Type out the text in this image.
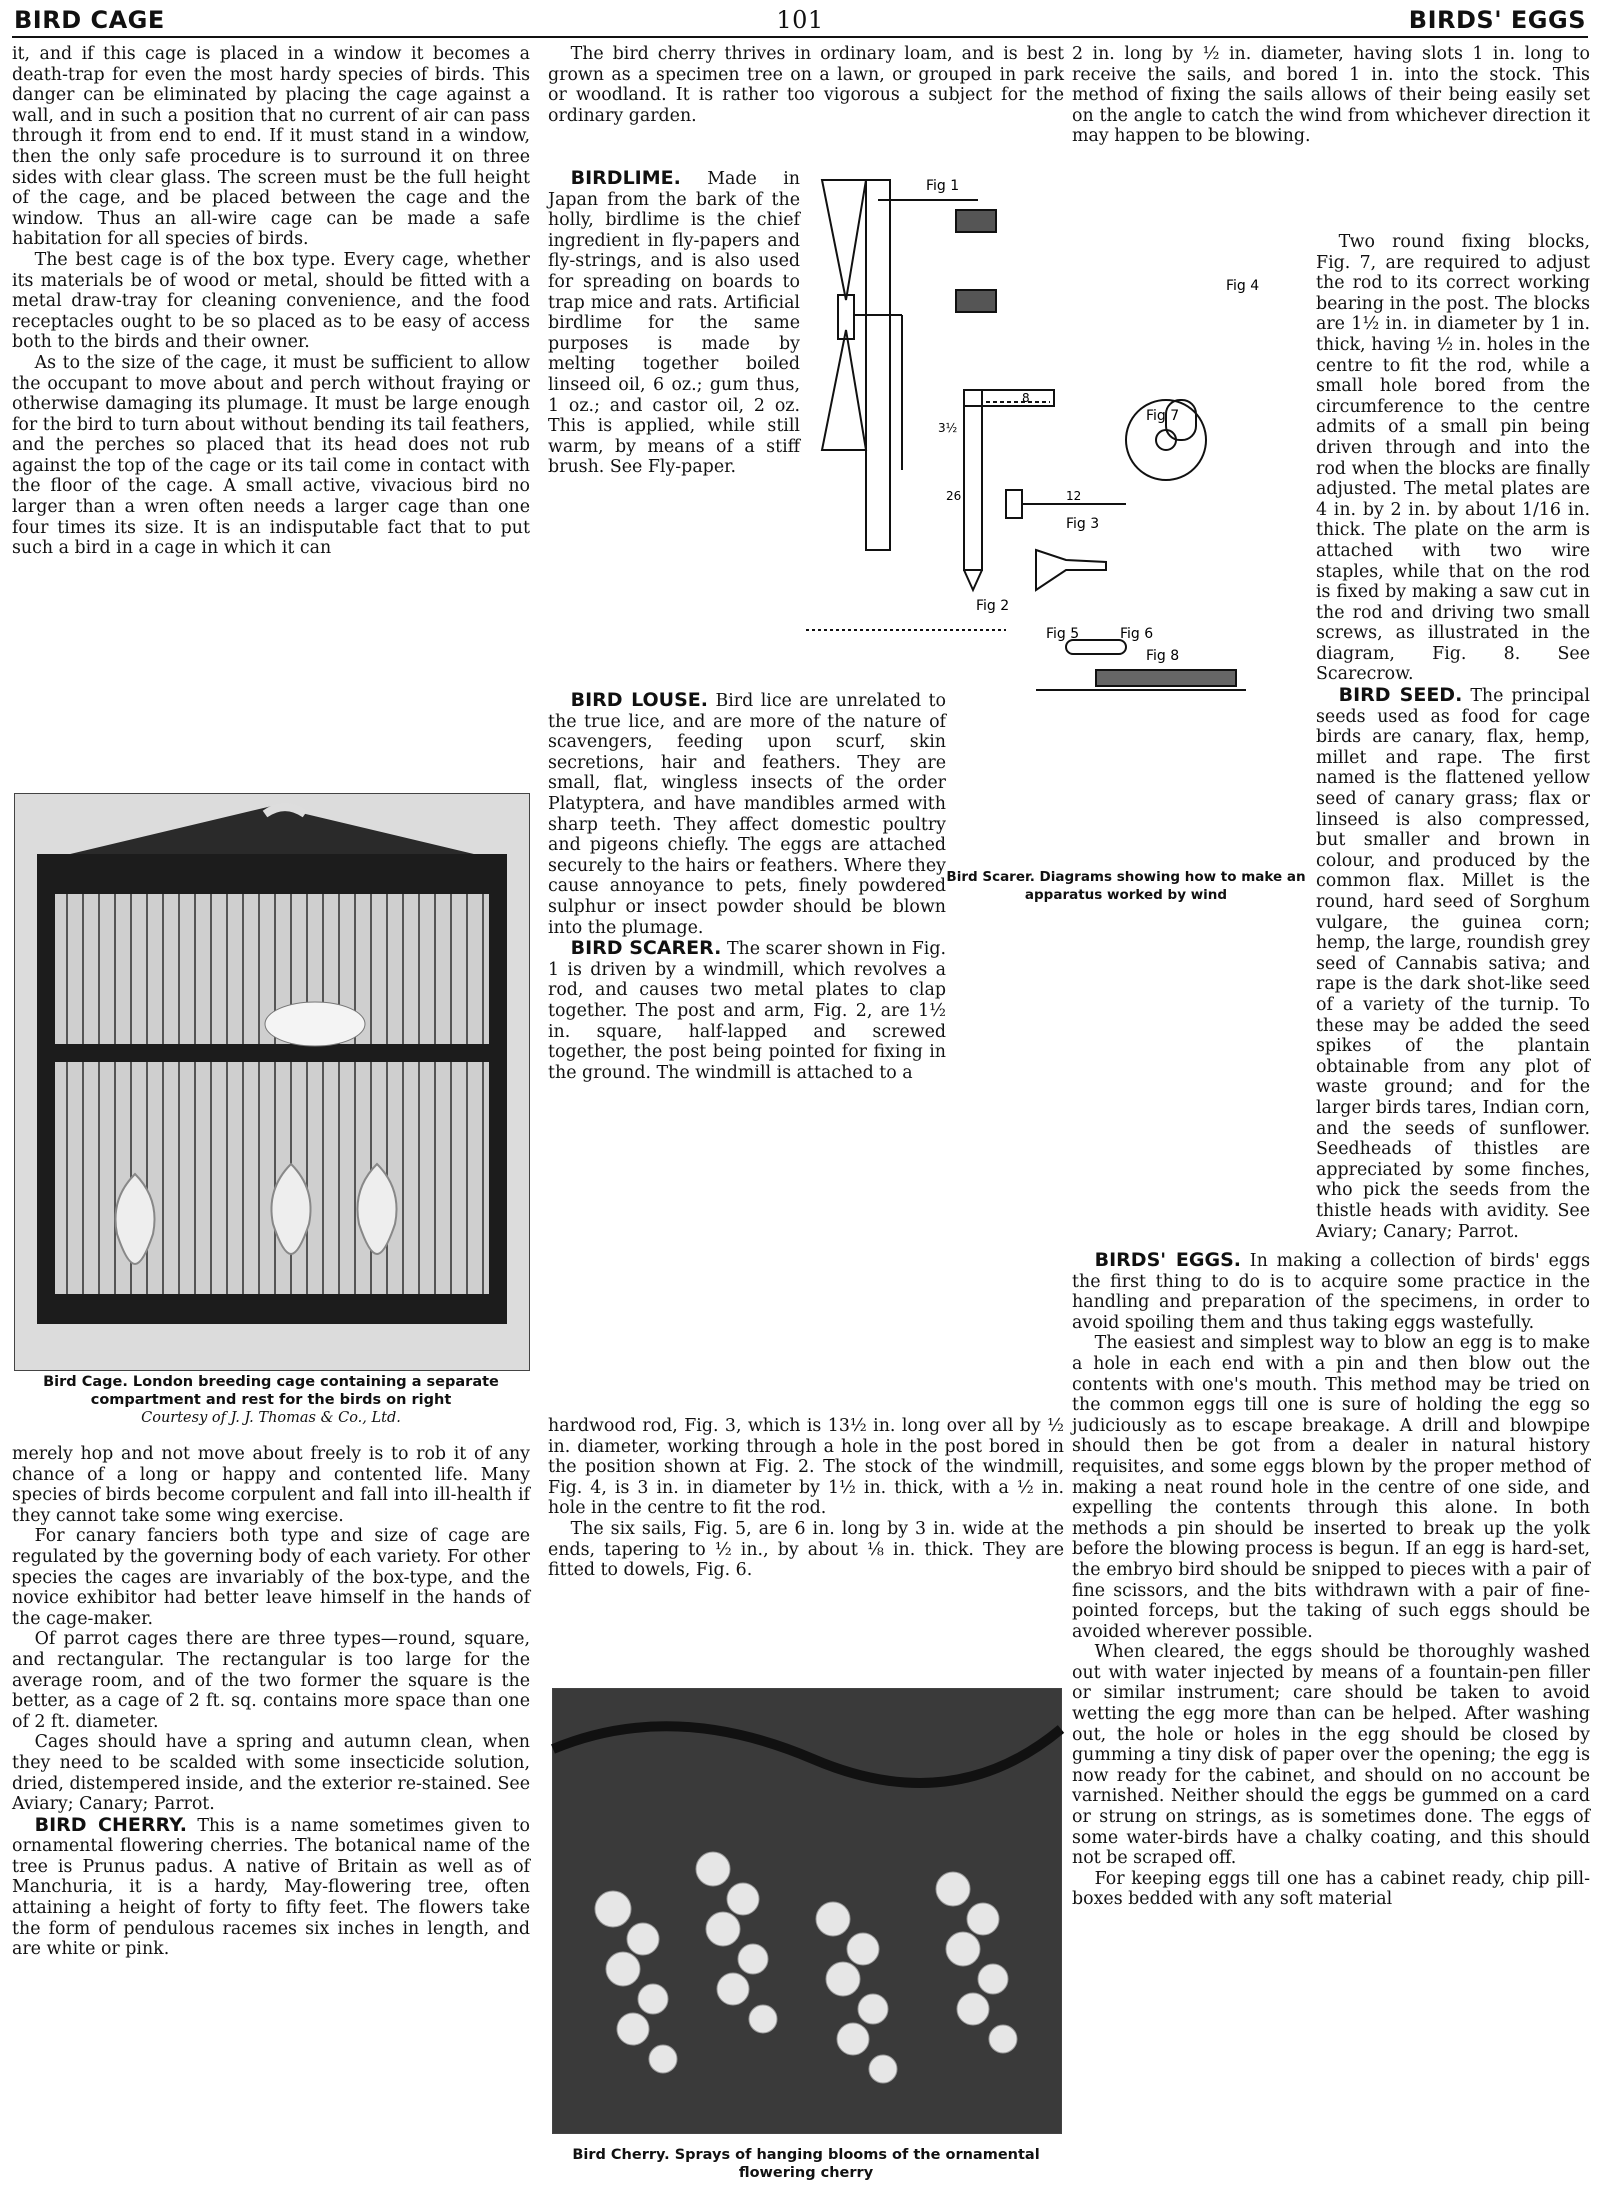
101
BIRD CAGE	BIRDS' EGGS

it, and if this cage is placed in a window it becomes a death-trap for even the most hardy species of birds. This danger can be eliminated by placing the cage against a wall, and in such a position that no current of air can pass through it from end to end. If it must stand in a window, then the only safe procedure is to surround it on three sides with clear glass. The screen must be the full height of the cage, and be placed between the cage and the window. Thus an all-wire cage can be made a safe habitation for all species of birds.

The best cage is of the box type. Every cage, whether its materials be of wood or metal, should be fitted with a metal draw-tray for cleaning convenience, and the food receptacles ought to be so placed as to be easy of access both to the birds and their owner.

As to the size of the cage, it must be sufficient to allow the occupant to move about and perch without fraying or otherwise damaging its plumage. It must be large enough for the bird to turn about without bending its tail feathers, and the perches so placed that its head does not rub against the top of the cage or its tail come in contact with the floor of the cage. A small active, vivacious bird no larger than a wren often needs a larger cage than one four times its size. It is an indisputable fact that to put such a bird in a cage in which it can

Bird Cage. London breeding cage containing a separate compartment and rest for the birds on right
Courtesy of J. J. Thomas & Co., Ltd.

merely hop and not move about freely is to rob it of any chance of a long or happy and contented life. Many species of birds become corpulent and fall into ill-health if they cannot take some wing exercise.

For canary fanciers both type and size of cage are regulated by the governing body of each variety. For other species the cages are invariably of the box-type, and the novice exhibitor had better leave himself in the hands of the cage-maker.

Of parrot cages there are three types—round, square, and rectangular. The rectangular is too large for the average room, and of the two former the square is the better, as a cage of 2 ft. sq. contains more space than one of 2 ft. diameter.

Cages should have a spring and autumn clean, when they need to be scalded with some insecticide solution, dried, distempered inside, and the exterior re-stained. See Aviary; Canary; Parrot.

BIRD CHERRY. This is a name sometimes given to ornamental flowering cherries. The botanical name of the tree is Prunus padus. A native of Britain as well as of Manchuria, it is a hardy, May-flowering tree, often attaining a height of forty to fifty feet. The flowers take the form of pendulous racemes six inches in length, and are white or pink.

The bird cherry thrives in ordinary loam, and is best grown as a specimen tree on a lawn, or grouped in park or woodland. It is rather too vigorous a subject for the ordinary garden.

BIRDLIME. Made in Japan from the bark of the holly, birdlime is the chief ingredient in fly-papers and fly-strings, and is also used for spreading on boards to trap mice and rats. Artificial birdlime for the same purposes is made by melting together boiled linseed oil, 6 oz.; gum thus, 1 oz.; and castor oil, 2 oz. This is applied, while still warm, by means of a stiff brush. See Fly-paper.

BIRD LOUSE. Bird lice are unrelated to the true lice, and are more of the nature of scavengers, feeding upon scurf, skin secretions, hair and feathers. They are small, flat, wingless insects of the order Platyptera, and have mandibles armed with sharp teeth. They affect domestic poultry and pigeons chiefly. The eggs are attached securely to the hairs or feathers. Where they cause annoyance to pets, finely powdered sulphur or insect powder should be blown into the plumage.

BIRD SCARER. The scarer shown in Fig. 1 is driven by a windmill, which revolves a rod, and causes two metal plates to clap together. The post and arm, Fig. 2, are 1½ in. square, half-lapped and screwed together, the post being pointed for fixing in the ground. The windmill is attached to a

hardwood rod, Fig. 3, which is 13½ in. long over all by ½ in. diameter, working through a hole in the post bored in the position shown at Fig. 2. The stock of the windmill, Fig. 4, is 3 in. in diameter by 1½ in. thick, with a ½ in. hole in the centre to fit the rod.

The six sails, Fig. 5, are 6 in. long by 3 in. wide at the ends, tapering to ½ in., by about ⅛ in. thick. They are fitted to dowels, Fig. 6.

Bird Cherry. Sprays of hanging blooms of the ornamental flowering cherry
Fig 1
Fig 2
Fig 3
Fig 4
Fig 5	Fig 6
Fig 7
Fig 8
8
12
3½
26
Bird Scarer. Diagrams showing how to make an apparatus worked by wind

2 in. long by ½ in. diameter, having slots 1 in. long to receive the sails, and bored 1 in. into the stock. This method of fixing the sails allows of their being easily set on the angle to catch the wind from whichever direction it may happen to be blowing.

Two round fixing blocks, Fig. 7, are required to adjust the rod to its correct working bearing in the post. The blocks are 1½ in. in diameter by 1 in. thick, having ½ in. holes in the centre to fit the rod, while a small hole bored from the circumference to the centre admits of a small pin being driven through and into the rod when the blocks are finally adjusted. The metal plates are 4 in. by 2 in. by about 1/16 in. thick. The plate on the arm is attached with two wire staples, while that on the rod is fixed by making a saw cut in the rod and driving two small screws, as illustrated in the diagram, Fig. 8. See Scarecrow.

BIRD SEED. The principal seeds used as food for cage birds are canary, flax, hemp, millet and rape. The first named is the flattened yellow seed of canary grass; flax or linseed is also compressed, but smaller and brown in colour, and produced by the common flax. Millet is the round, hard seed of Sorghum vulgare, the guinea corn; hemp, the large, roundish grey seed of Cannabis sativa; and rape is the dark shot-like seed of a variety of the turnip. To these may be added the seed spikes of the plantain obtainable from any plot of waste ground; and for the larger birds tares, Indian corn, and the seeds of sunflower. Seedheads of thistles are appreciated by some finches, who pick the seeds from the thistle heads with avidity. See Aviary; Canary; Parrot.

BIRDS' EGGS. In making a collection of birds' eggs the first thing to do is to acquire some practice in the handling and preparation of the specimens, in order to avoid spoiling them and thus taking eggs wastefully.

The easiest and simplest way to blow an egg is to make a hole in each end with a pin and then blow out the contents with one's mouth. This method may be tried on the common eggs till one is sure of holding the egg so judiciously as to escape breakage. A drill and blowpipe should then be got from a dealer in natural history requisites, and some eggs blown by the proper method of making a neat round hole in the centre of one side, and expelling the contents through this alone. In both methods a pin should be inserted to break up the yolk before the blowing process is begun. If an egg is hard-set, the embryo bird should be snipped to pieces with a pair of fine scissors, and the bits withdrawn with a pair of fine-pointed forceps, but the taking of such eggs should be avoided wherever possible.

When cleared, the eggs should be thoroughly washed out with water injected by means of a fountain-pen filler or similar instrument; care should be taken to avoid wetting the egg more than can be helped. After washing out, the hole or holes in the egg should be closed by gumming a tiny disk of paper over the opening; the egg is now ready for the cabinet, and should on no account be varnished. Neither should the eggs be gummed on a card or strung on strings, as is sometimes done. The eggs of some water-birds have a chalky coating, and this should not be scraped off.

For keeping eggs till one has a cabinet ready, chip pill-boxes bedded with any soft material
